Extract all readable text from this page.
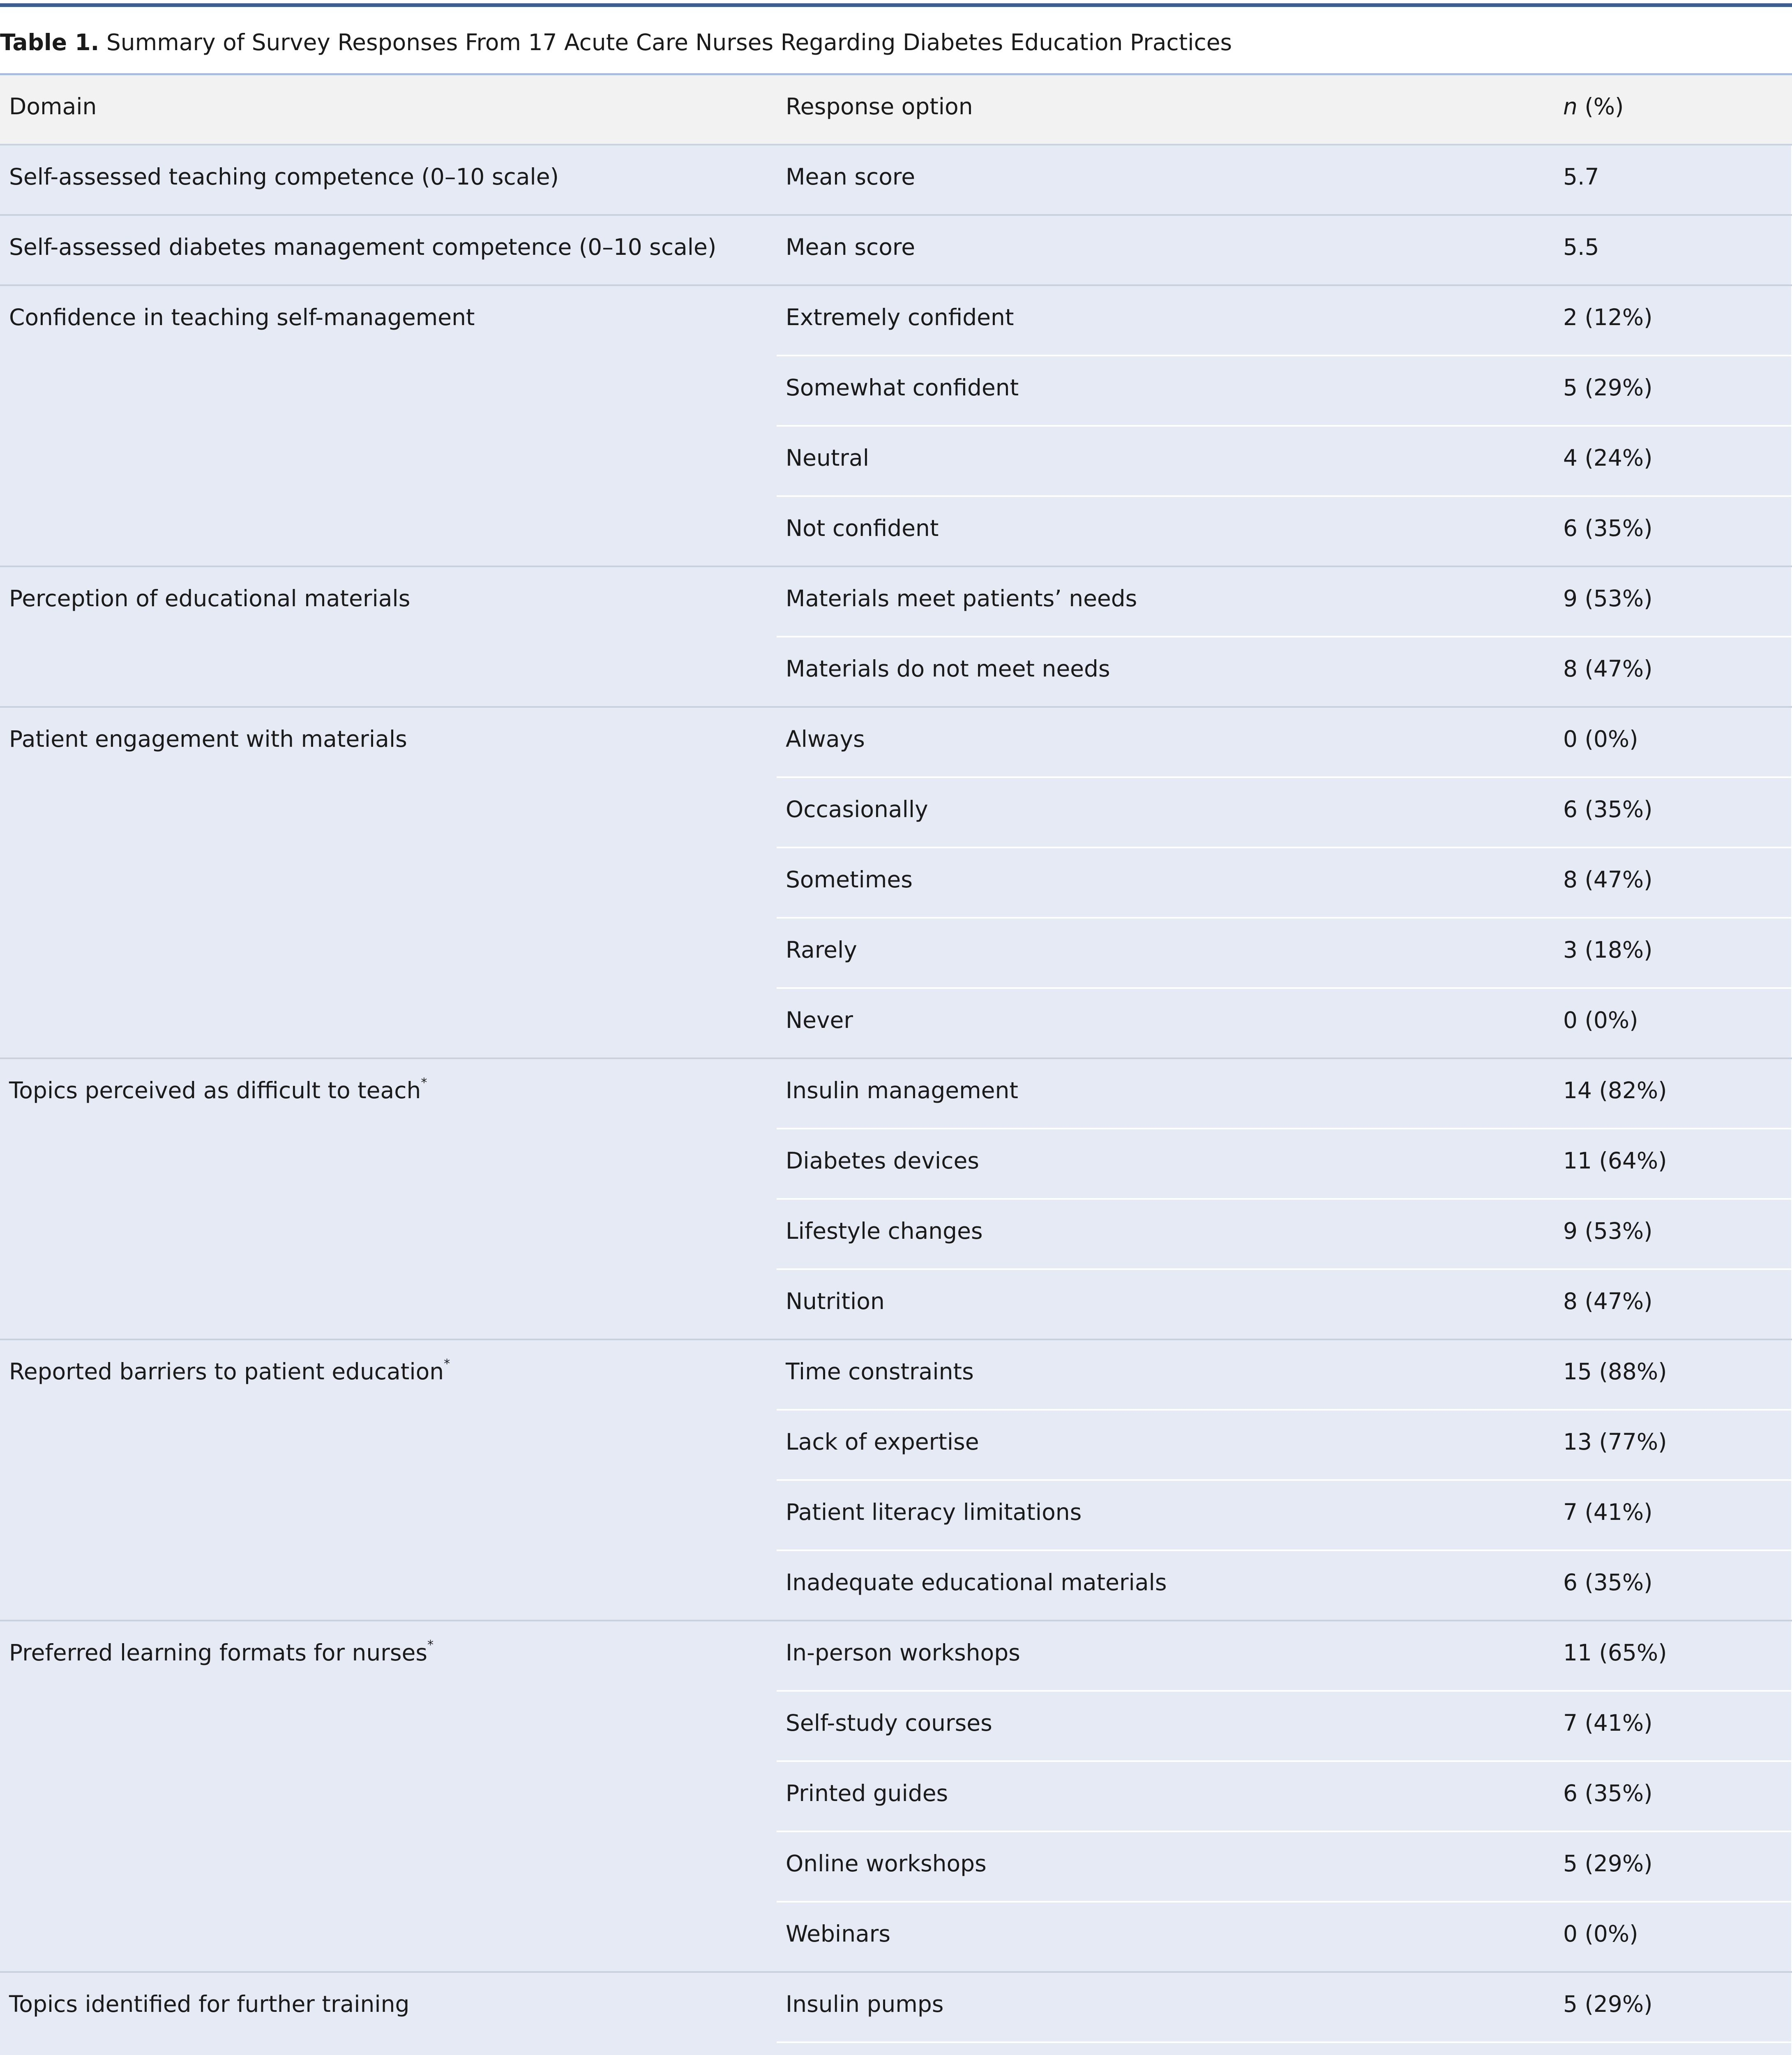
Table 1. Summary of Survey Responses From 17 Acute Care Nurses Regarding Diabetes Education Practices
Domain	Response option	n (%)
Self-assessed teaching competence (0–10 scale)	Mean score	5.7
Self-assessed diabetes management competence (0–10 scale)	Mean score	5.5
Confidence in teaching self-management	Extremely confident	2 (12%)
	Somewhat confident	5 (29%)
	Neutral	4 (24%)
	Not confident	6 (35%)
Perception of educational materials	Materials meet patients’ needs	9 (53%)
	Materials do not meet needs	8 (47%)
Patient engagement with materials	Always	0 (0%)
	Occasionally	6 (35%)
	Sometimes	8 (47%)
	Rarely	3 (18%)
	Never	0 (0%)
Topics perceived as difficult to teach*	Insulin management	14 (82%)
	Diabetes devices	11 (64%)
	Lifestyle changes	9 (53%)
	Nutrition	8 (47%)
Reported barriers to patient education*	Time constraints	15 (88%)
	Lack of expertise	13 (77%)
	Patient literacy limitations	7 (41%)
	Inadequate educational materials	6 (35%)
Preferred learning formats for nurses*	In-person workshops	11 (65%)
	Self-study courses	7 (41%)
	Printed guides	6 (35%)
	Online workshops	5 (29%)
	Webinars	0 (0%)
Topics identified for further training	Insulin pumps	5 (29%)
